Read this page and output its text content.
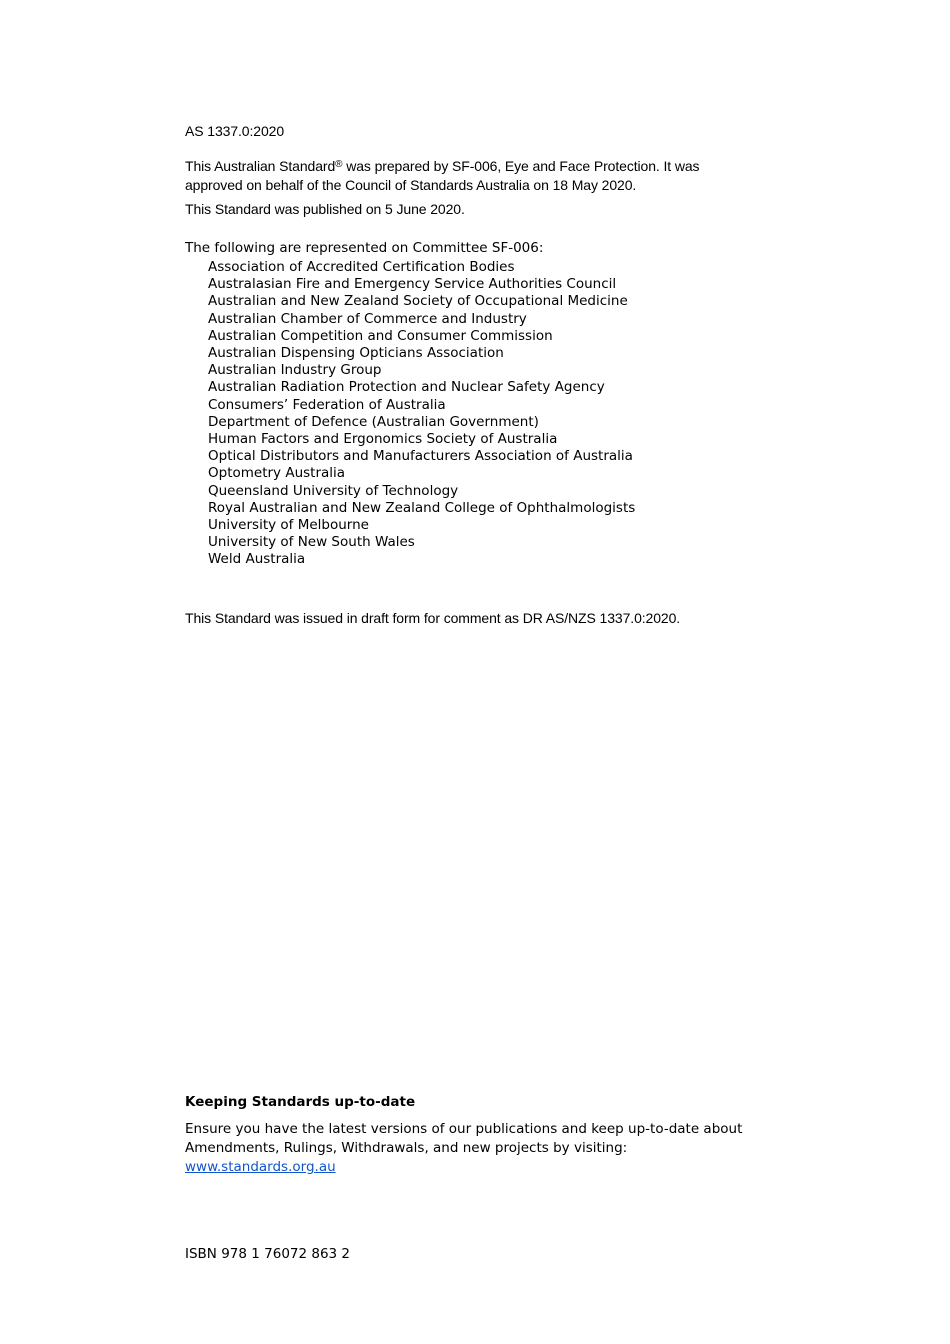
AS 1337.0:2020
This Australian Standard® was prepared by SF-006, Eye and Face Protection. It was approved on behalf of the Council of Standards Australia on 18 May 2020.
This Standard was published on 5 June 2020.
The following are represented on Committee SF-006:
Association of Accredited Certification Bodies
Australasian Fire and Emergency Service Authorities Council
Australian and New Zealand Society of Occupational Medicine
Australian Chamber of Commerce and Industry
Australian Competition and Consumer Commission
Australian Dispensing Opticians Association
Australian Industry Group
Australian Radiation Protection and Nuclear Safety Agency
Consumers’ Federation of Australia
Department of Defence (Australian Government)
Human Factors and Ergonomics Society of Australia
Optical Distributors and Manufacturers Association of Australia
Optometry Australia
Queensland University of Technology
Royal Australian and New Zealand College of Ophthalmologists
University of Melbourne
University of New South Wales
Weld Australia
This Standard was issued in draft form for comment as DR AS/NZS 1337.0:2020.
Keeping Standards up-to-date
Ensure you have the latest versions of our publications and keep up-to-date about Amendments, Rulings, Withdrawals, and new projects by visiting:
www.standards.org.au
ISBN 978 1 76072 863 2
